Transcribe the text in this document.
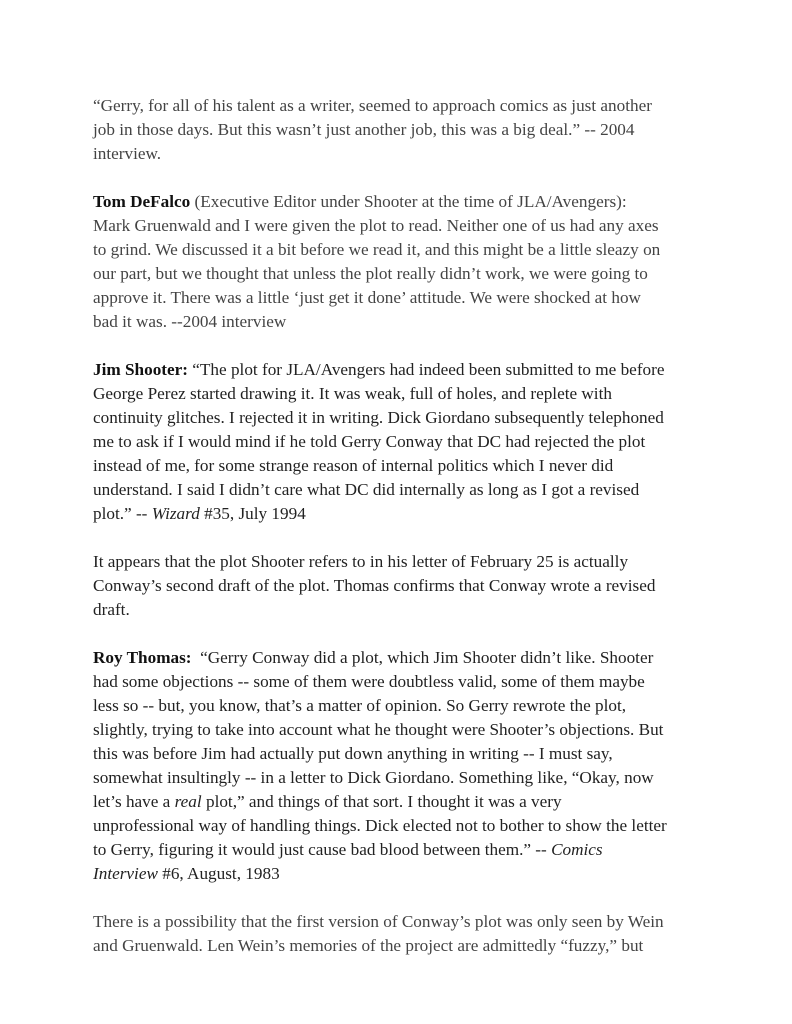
“Gerry, for all of his talent as a writer, seemed to approach comics as just another
job in those days. But this wasn’t just another job, this was a big deal.” -- 2004
interview.

Tom DeFalco (Executive Editor under Shooter at the time of JLA/Avengers):
Mark Gruenwald and I were given the plot to read. Neither one of us had any axes
to grind. We discussed it a bit before we read it, and this might be a little sleazy on
our part, but we thought that unless the plot really didn’t work, we were going to
approve it. There was a little ‘just get it done’ attitude. We were shocked at how
bad it was. --2004 interview

Jim Shooter: “The plot for JLA/Avengers had indeed been submitted to me before
George Perez started drawing it. It was weak, full of holes, and replete with
continuity glitches. I rejected it in writing. Dick Giordano subsequently telephoned
me to ask if I would mind if he told Gerry Conway that DC had rejected the plot
instead of me, for some strange reason of internal politics which I never did
understand. I said I didn’t care what DC did internally as long as I got a revised
plot.” -- Wizard #35, July 1994

It appears that the plot Shooter refers to in his letter of February 25 is actually
Conway’s second draft of the plot. Thomas confirms that Conway wrote a revised
draft.

Roy Thomas:  “Gerry Conway did a plot, which Jim Shooter didn’t like. Shooter
had some objections -- some of them were doubtless valid, some of them maybe
less so -- but, you know, that’s a matter of opinion. So Gerry rewrote the plot,
slightly, trying to take into account what he thought were Shooter’s objections. But
this was before Jim had actually put down anything in writing -- I must say,
somewhat insultingly -- in a letter to Dick Giordano. Something like, “Okay, now
let’s have a real plot,” and things of that sort. I thought it was a very
unprofessional way of handling things. Dick elected not to bother to show the letter
to Gerry, figuring it would just cause bad blood between them.” -- Comics
Interview #6, August, 1983

There is a possibility that the first version of Conway’s plot was only seen by Wein
and Gruenwald. Len Wein’s memories of the project are admittedly “fuzzy,” but
